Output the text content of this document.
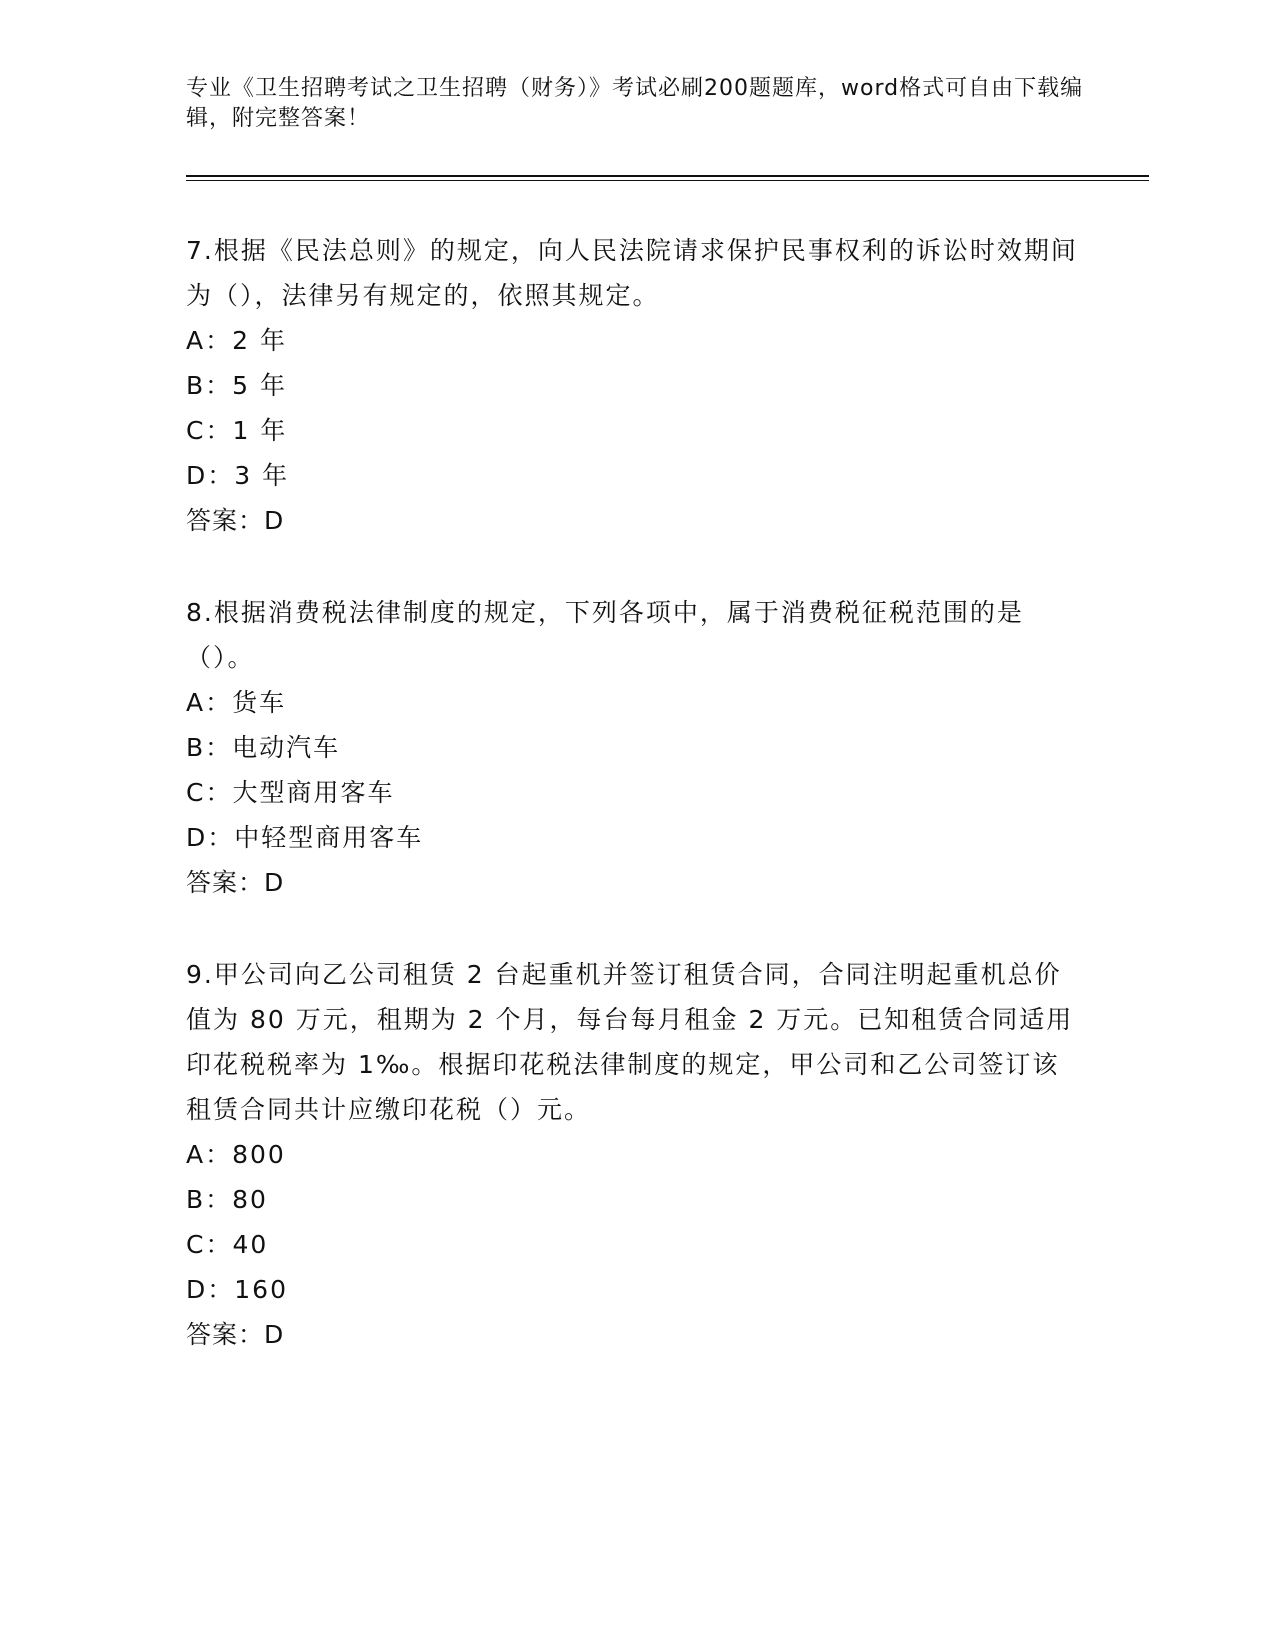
专业《卫生招聘考试之卫生招聘（财务）》考试必刷200题题库，word格式可自由下载编辑，附完整答案！

7.根据《民法总则》的规定，向人民法院请求保护民事权利的诉讼时效期间为（），法律另有规定的，依照其规定。

A：2 年

B：5 年

C：1 年

D：3 年

答案：D

8.根据消费税法律制度的规定，下列各项中，属于消费税征税范围的是（）。

A：货车

B：电动汽车

C：大型商用客车

D：中轻型商用客车

答案：D

9.甲公司向乙公司租赁 2 台起重机并签订租赁合同，合同注明起重机总价值为 80 万元，租期为 2 个月，每台每月租金 2 万元。已知租赁合同适用印花税税率为 1‰。根据印花税法律制度的规定，甲公司和乙公司签订该租赁合同共计应缴印花税（）元。

A：800

B：80

C：40

D：160

答案：D
